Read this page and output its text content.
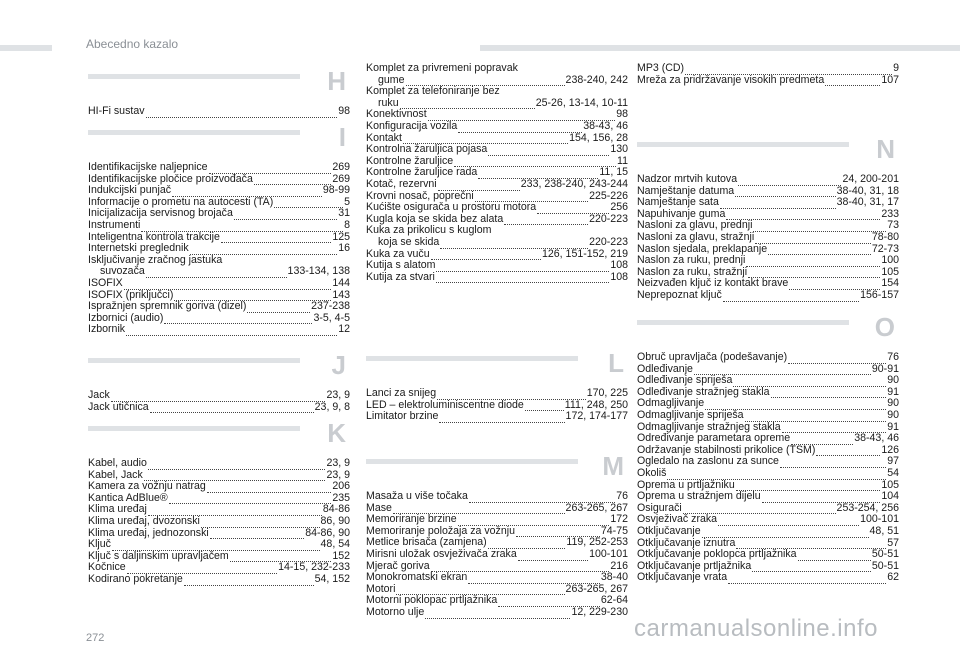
Abecedno kazalo
H
HI-Fi sustav	98
I
Identifikacijske naljepnice	269
Identifikacijske pločice proizvođača	269
Indukcijski punjač	98-99
Informacije o prometu na autocesti (TA)	5
Inicijalizacija servisnog brojača	31
Instrumenti	8
Inteligentna kontrola trakcije	125
Internetski preglednik	16
Isključivanje zračnog jastuka
suvozača	133-134, 138
ISOFIX	144
ISOFIX (priključci)	143
Ispražnjen spremnik goriva (dizel)	237-238
Izbornici (audio)	3-5, 4-5
Izbornik	12
J
Jack	23, 9
Jack utičnica	23, 9, 8
K
Kabel, audio	23, 9
Kabel, Jack	23, 9
Kamera za vožnju natrag	206
Kantica AdBlue®	235
Klima uređaj	84-86
Klima uređaj, dvozonski	86, 90
Klima uređaj, jednozonski	84-86, 90
Ključ	48, 54
Ključ s daljinskim upravljačem	152
Kočnice	14-15, 232-233
Kodirano pokretanje	54, 152
Komplet za privremeni popravak
gume	238-240, 242
Komplet za telefoniranje bez
ruku	25-26, 13-14, 10-11
Konektivnost	98
Konfiguracija vozila	38-43, 46
Kontakt	154, 156, 28
Kontrolna žaruljica pojasa	130
Kontrolne žaruljice	11
Kontrolne žaruljice rada	11, 15
Kotač, rezervni	233, 238-240, 243-244
Krovni nosač, poprečni	225-226
Kućište osigurača u prostoru motora	256
Kugla koja se skida bez alata	220-223
Kuka za prikolicu s kuglom
koja se skida	220-223
Kuka za vuču	126, 151-152, 219
Kutija s alatom	108
Kutija za stvari	108
L
Lanci za snijeg	170, 225
LED – elektroluminiscentne diode	111, 248, 250
Limitator brzine	172, 174-177
M
Masaža u više točaka	76
Mase	263-265, 267
Memoriranje brzine	172
Memoriranje položaja za vožnju	74-75
Metlice brisača (zamjena)	119, 252-253
Mirisni uložak osvježivača zraka	100-101
Mjerač goriva	216
Monokromatski ekran	38-40
Motori	263-265, 267
Motorni poklopac prtljažnika	62-64
Motorno ulje	12, 229-230
MP3 (CD)	9
Mreža za pridržavanje visokih predmeta	107
N
Nadzor mrtvih kutova	24, 200-201
Namještanje datuma	38-40, 31, 18
Namještanje sata	38-40, 31, 17
Napuhivanje guma	233
Nasloni za glavu, prednji	73
Nasloni za glavu, stražnji	78-80
Naslon sjedala, preklapanje	72-73
Naslon za ruku, prednji	100
Naslon za ruku, stražnji	105
Neizvađen ključ iz kontakt brave	154
Neprepoznat ključ	156-157
O
Obruč upravljača (podešavanje)	76
Odleđivanje	90-91
Odleđivanje spriješa	90
Odleđivanje stražnjeg stakla	91
Odmagljivanje	90
Odmagljivanje spriješa	90
Odmagljivanje stražnjeg stakla	91
Određivanje parametara opreme	38-43, 46
Održavanje stabilnosti prikolice (TSM)	126
Ogledalo na zaslonu za sunce	97
Okoliš	54
Oprema u prtljažniku	105
Oprema u stražnjem dijelu	104
Osigurači	253-254, 256
Osvježivač zraka	100-101
Otključavanje	48, 51
Otključavanje iznutra	57
Otključavanje poklopca prtljažnika	50-51
Otključavanje prtljažnika	50-51
Otključavanje vrata	62
272	carmanualsonline.info
